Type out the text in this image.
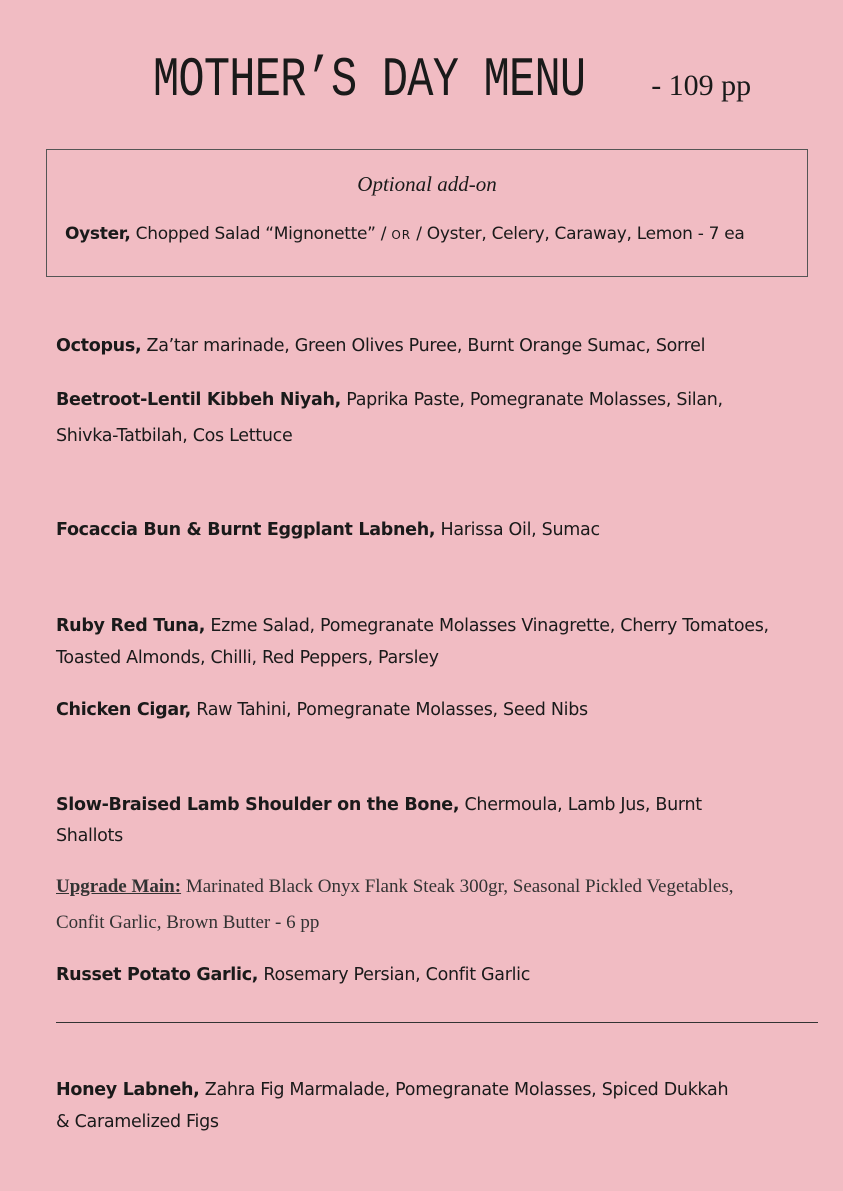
MOTHER’S DAY MENU - 109 pp
Optional add-on
Oyster, Chopped Salad “Mignonette” / OR / Oyster, Celery, Caraway, Lemon - 7 ea
Octopus, Za’tar marinade, Green Olives Puree, Burnt Orange Sumac, Sorrel
Beetroot-Lentil Kibbeh Niyah, Paprika Paste, Pomegranate Molasses, Silan, Shivka-Tatbilah, Cos Lettuce
Focaccia Bun & Burnt Eggplant Labneh, Harissa Oil, Sumac
Ruby Red Tuna, Ezme Salad, Pomegranate Molasses Vinagrette, Cherry Tomatoes, Toasted Almonds, Chilli, Red Peppers, Parsley
Chicken Cigar, Raw Tahini, Pomegranate Molasses, Seed Nibs
Slow-Braised Lamb Shoulder on the Bone, Chermoula, Lamb Jus, Burnt Shallots
Upgrade Main: Marinated Black Onyx Flank Steak 300gr, Seasonal Pickled Vegetables, Confit Garlic, Brown Butter - 6 pp
Russet Potato Garlic, Rosemary Persian, Confit Garlic
Honey Labneh, Zahra Fig Marmalade, Pomegranate Molasses, Spiced Dukkah & Caramelized Figs
